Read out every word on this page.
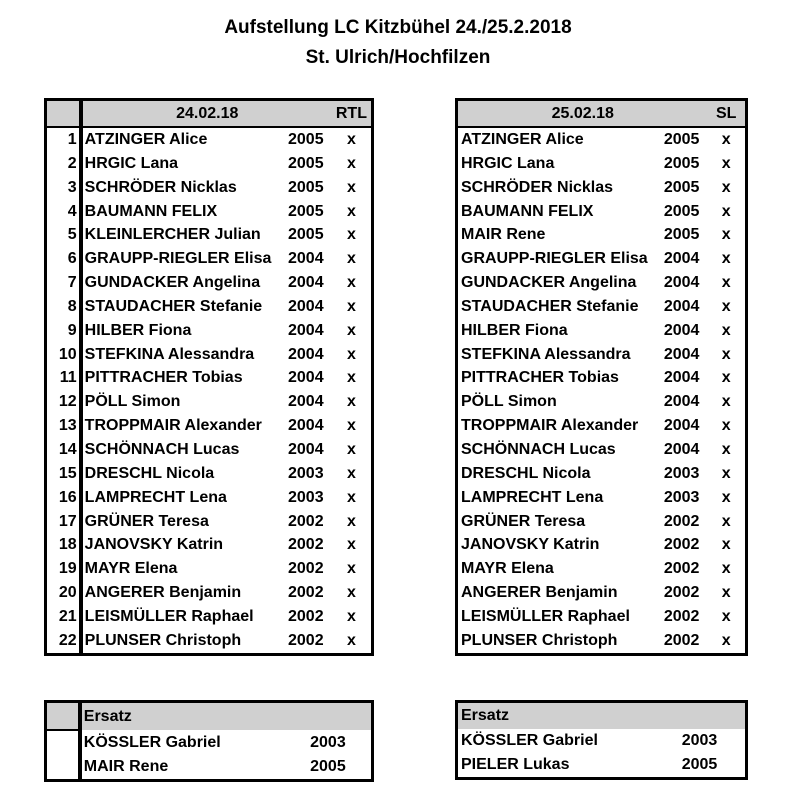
Aufstellung LC Kitzbühel 24./25.2.2018
St. Ulrich/Hochfilzen
	24.02.18		RTL
1	ATZINGER Alice	2005	x
2	HRGIC Lana	2005	x
3	SCHRÖDER Nicklas	2005	x
4	BAUMANN FELIX	2005	x
5	KLEINLERCHER Julian	2005	x
6	GRAUPP-RIEGLER Elisa	2004	x
7	GUNDACKER Angelina	2004	x
8	STAUDACHER Stefanie	2004	x
9	HILBER Fiona	2004	x
10	STEFKINA Alessandra	2004	x
11	PITTRACHER Tobias	2004	x
12	PÖLL Simon	2004	x
13	TROPPMAIR Alexander	2004	x
14	SCHÖNNACH Lucas	2004	x
15	DRESCHL Nicola	2003	x
16	LAMPRECHT Lena	2003	x
17	GRÜNER Teresa	2002	x
18	JANOVSKY Katrin	2002	x
19	MAYR Elena	2002	x
20	ANGERER Benjamin	2002	x
21	LEISMÜLLER Raphael	2002	x
22	PLUNSER Christoph	2002	x
25.02.18		SL
ATZINGER Alice	2005	x
HRGIC Lana	2005	x
SCHRÖDER Nicklas	2005	x
BAUMANN FELIX	2005	x
MAIR Rene	2005	x
GRAUPP-RIEGLER Elisa	2004	x
GUNDACKER Angelina	2004	x
STAUDACHER Stefanie	2004	x
HILBER Fiona	2004	x
STEFKINA Alessandra	2004	x
PITTRACHER Tobias	2004	x
PÖLL Simon	2004	x
TROPPMAIR Alexander	2004	x
SCHÖNNACH Lucas	2004	x
DRESCHL Nicola	2003	x
LAMPRECHT Lena	2003	x
GRÜNER Teresa	2002	x
JANOVSKY Katrin	2002	x
MAYR Elena	2002	x
ANGERER Benjamin	2002	x
LEISMÜLLER Raphael	2002	x
PLUNSER Christoph	2002	x
	Ersatz	
	KÖSSLER Gabriel	2003
	MAIR Rene	2005
Ersatz	
KÖSSLER Gabriel	2003
PIELER Lukas	2005
